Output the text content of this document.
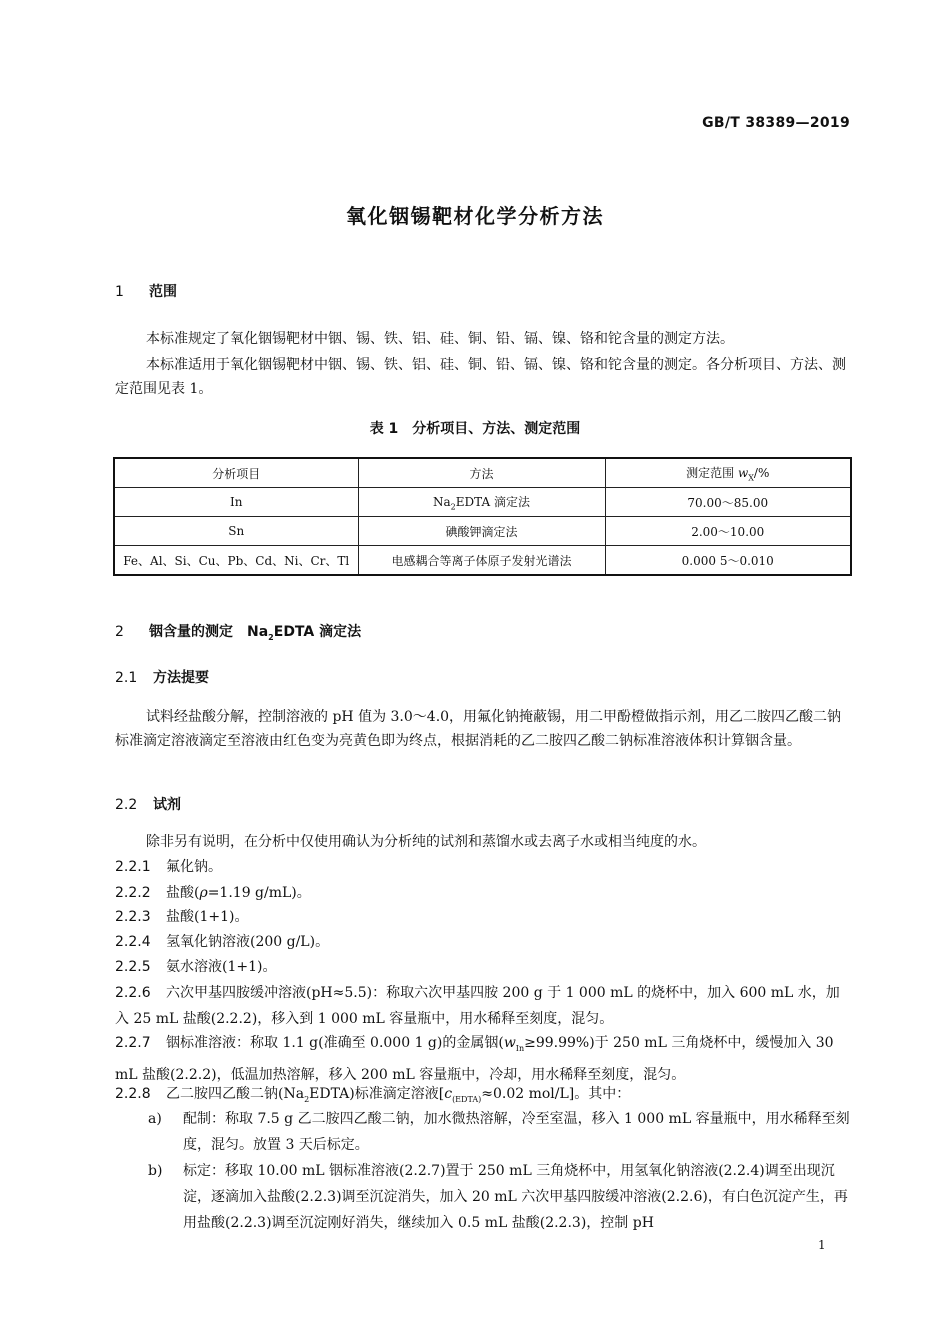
GB/T 38389—2019
氧化铟锡靶材化学分析方法
1 范围
本标准规定了氧化铟锡靶材中铟、锡、铁、铝、硅、铜、铅、镉、镍、铬和铊含量的测定方法。
本标准适用于氧化铟锡靶材中铟、锡、铁、铝、硅、铜、铅、镉、镍、铬和铊含量的测定。各分析项目、方法、测定范围见表 1。
表 1　分析项目、方法、测定范围
分析项目	方法	测定范围 $w_X/\%$
In	$Na_2EDTA$ 滴定法	70.00～85.00
Sn	碘酸钾滴定法	2.00～10.00
Fe、Al、Si、Cu、Pb、Cd、Ni、Cr、Tl	电感耦合等离子体原子发射光谱法	0.000 5～0.010
2 铟含量的测定　$Na_2EDTA$ 滴定法
2.1 方法提要
试料经盐酸分解，控制溶液的 pH 值为 3.0～4.0，用氟化钠掩蔽锡，用二甲酚橙做指示剂，用乙二胺四乙酸二钠标准滴定溶液滴定至溶液由红色变为亮黄色即为终点，根据消耗的乙二胺四乙酸二钠标准溶液体积计算铟含量。
2.2 试剂
除非另有说明，在分析中仅使用确认为分析纯的试剂和蒸馏水或去离子水或相当纯度的水。
2.2.1 氟化钠。
2.2.2 盐酸(ρ=1.19 g/mL)。
2.2.3 盐酸(1+1)。
2.2.4 氢氧化钠溶液(200 g/L)。
2.2.5 氨水溶液(1+1)。
2.2.6 六次甲基四胺缓冲溶液(pH≈5.5)：称取六次甲基四胺 200 g 于 1 000 mL 的烧杯中，加入 600 mL 水，加入 25 mL 盐酸(2.2.2)，移入到 1 000 mL 容量瓶中，用水稀释至刻度，混匀。
2.2.7 铟标准溶液：称取 1.1 g(准确至 0.000 1 g)的金属铟$(w_{In}\ge 99.99\%)$于 250 mL 三角烧杯中，缓慢加入 30 mL 盐酸(2.2.2)，低温加热溶解，移入 200 mL 容量瓶中，冷却，用水稀释至刻度，混匀。
2.2.8 乙二胺四乙酸二钠$(Na_2EDTA)$标准滴定溶液[$c_{(EDTA)}\approx 0.02$ mol/L]。其中：
a) 配制：称取 7.5 g 乙二胺四乙酸二钠，加水微热溶解，冷至室温，移入 1 000 mL 容量瓶中，用水稀释至刻度，混匀。放置 3 天后标定。
b) 标定：移取 10.00 mL 铟标准溶液(2.2.7)置于 250 mL 三角烧杯中，用氢氧化钠溶液(2.2.4)调至出现沉淀，逐滴加入盐酸(2.2.3)调至沉淀消失，加入 20 mL 六次甲基四胺缓冲溶液(2.2.6)，有白色沉淀产生，再用盐酸(2.2.3)调至沉淀刚好消失，继续加入 0.5 mL 盐酸(2.2.3)，控制 pH
1
